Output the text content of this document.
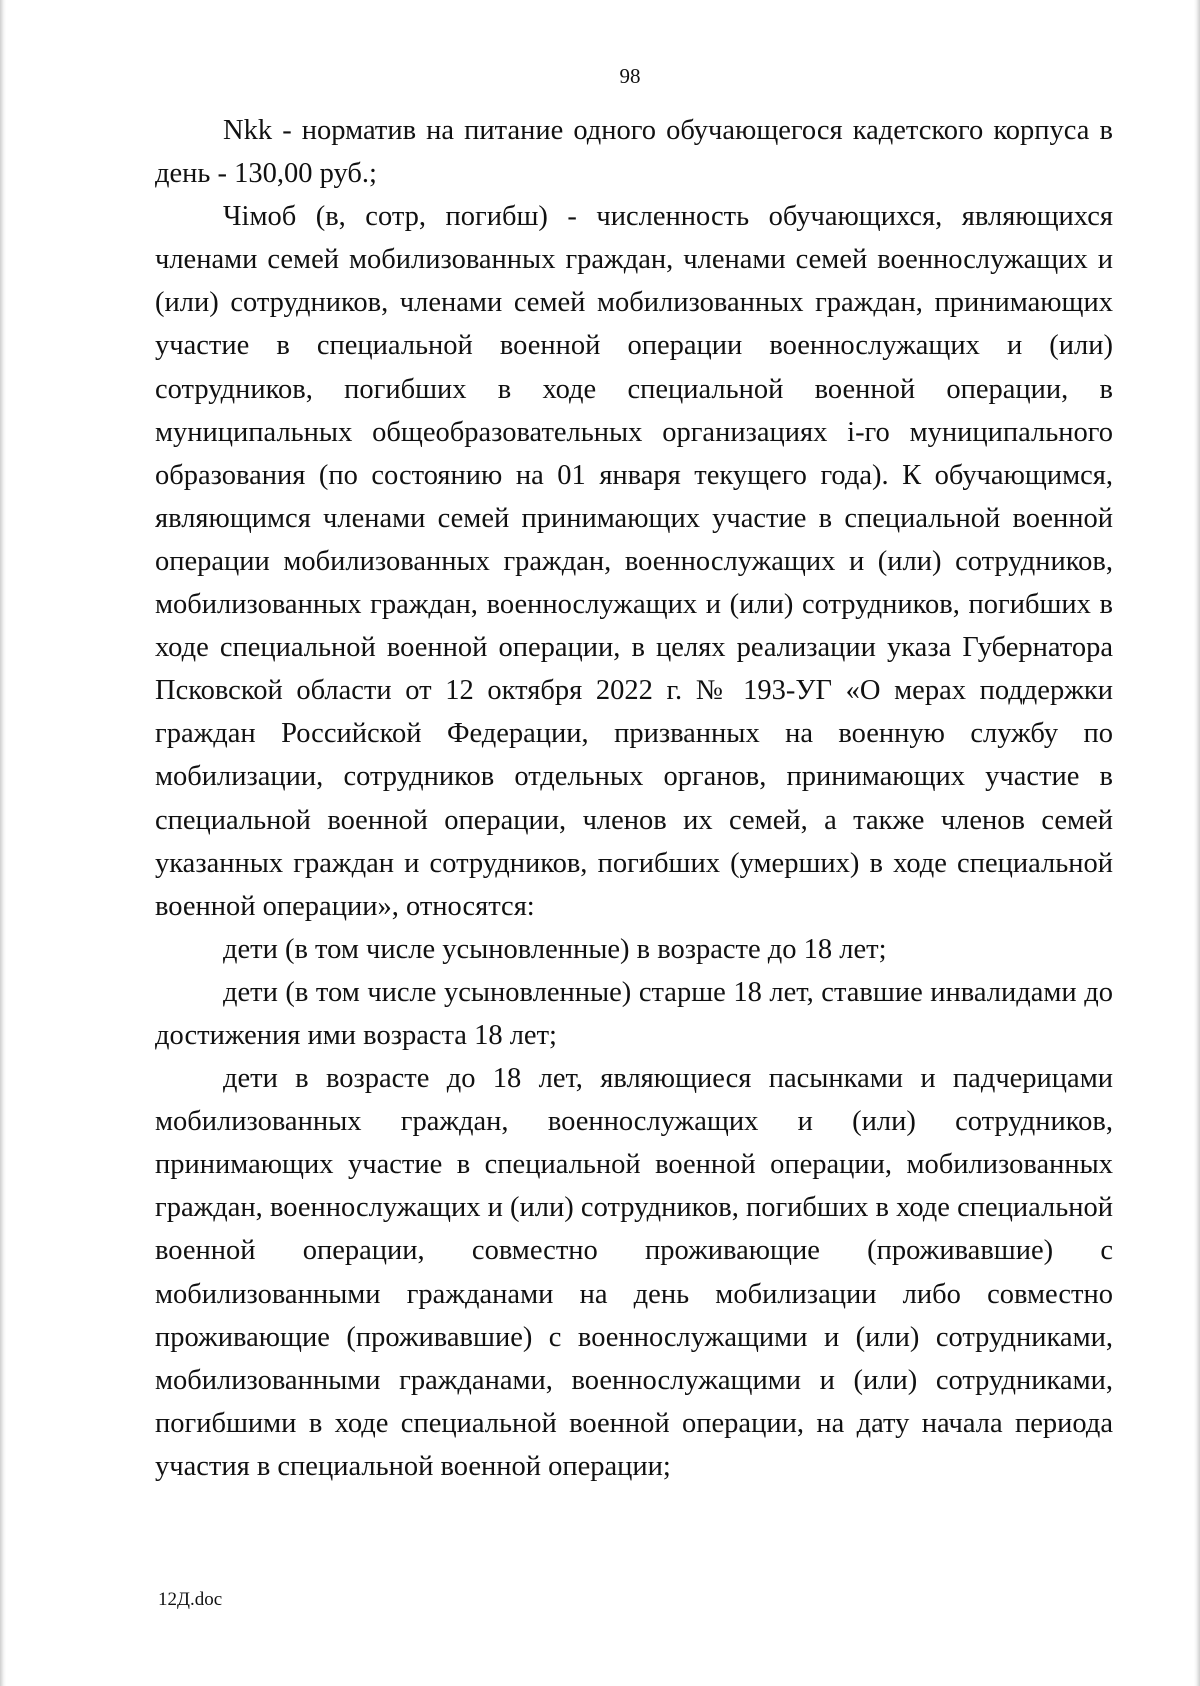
98

Nkk - норматив на питание одного обучающегося кадетского корпуса в день - 130,00 руб.;

Чiмоб (в, сотр, погибш) - численность обучающихся, являющихся членами семей мобилизованных граждан, членами семей военнослужащих и (или) сотрудников, членами семей мобилизованных граждан, принимающих участие в специальной военной операции военнослужащих и (или) сотрудников, погибших в ходе специальной военной операции, в муниципальных общеобразовательных организациях i-го муниципального образования (по состоянию на 01 января текущего года). К обучающимся, являющимся членами семей принимающих участие в специальной военной операции мобилизованных граждан, военнослужащих и (или) сотрудников, мобилизованных граждан, военнослужащих и (или) сотрудников, погибших в ходе специальной военной операции, в целях реализации указа Губернатора Псковской области от 12 октября 2022 г. № 193-УГ «О мерах поддержки граждан Российской Федерации, призванных на военную службу по мобилизации, сотрудников отдельных органов, принимающих участие в специальной военной операции, членов их семей, а также членов семей указанных граждан и сотрудников, погибших (умерших) в ходе специальной военной операции», относятся:

дети (в том числе усыновленные) в возрасте до 18 лет;

дети (в том числе усыновленные) старше 18 лет, ставшие инвалидами до достижения ими возраста 18 лет;

дети в возрасте до 18 лет, являющиеся пасынками и падчерицами мобилизованных граждан, военнослужащих и (или) сотрудников, принимающих участие в специальной военной операции, мобилизованных граждан, военнослужащих и (или) сотрудников, погибших в ходе специальной военной операции, совместно проживающие (проживавшие) с мобилизованными гражданами на день мобилизации либо совместно проживающие (проживавшие) с военнослужащими и (или) сотрудниками, мобилизованными гражданами, военнослужащими и (или) сотрудниками, погибшими в ходе специальной военной операции, на дату начала периода участия в специальной военной операции;

12Д.doc
